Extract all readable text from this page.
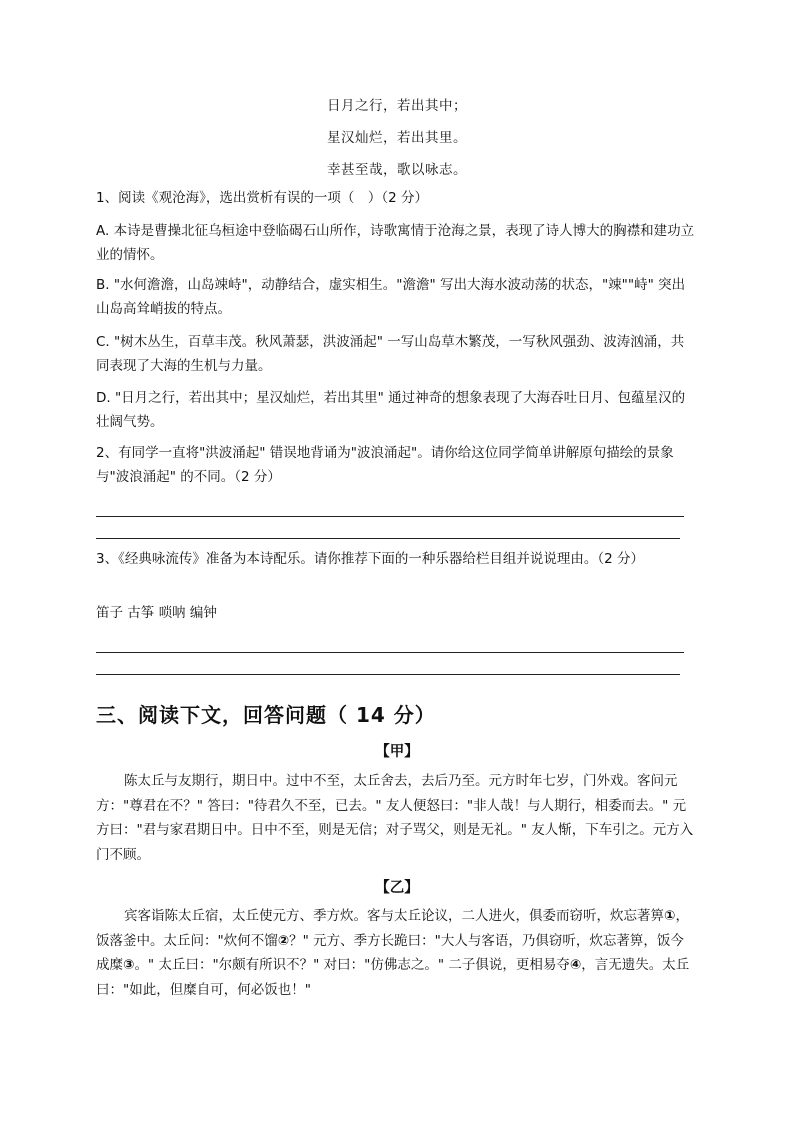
日月之行，若出其中；
星汉灿烂，若出其里。
幸甚至哉，歌以咏志。
1、阅读《观沧海》，选出赏析有误的一项（　）（2 分）
A. 本诗是曹操北征乌桓途中登临碣石山所作，诗歌寓情于沧海之景，表现了诗人博大的胸襟和建功立业的情怀。
B. "水何澹澹，山岛竦峙"，动静结合，虚实相生。"澹澹" 写出大海水波动荡的状态，"竦""峙" 突出山岛高耸峭拔的特点。
C. "树木丛生，百草丰茂。秋风萧瑟，洪波涌起" 一写山岛草木繁茂，一写秋风强劲、波涛汹涌，共同表现了大海的生机与力量。
D. "日月之行，若出其中；星汉灿烂，若出其里" 通过神奇的想象表现了大海吞吐日月、包蕴星汉的壮阔气势。
2、有同学一直将"洪波涌起" 错误地背诵为"波浪涌起"。请你给这位同学简单讲解原句描绘的景象与"波浪涌起" 的不同。（2 分）
3、《经典咏流传》准备为本诗配乐。请你推荐下面的一种乐器给栏目组并说说理由。（2 分）
笛子 古筝 唢呐 编钟
三、阅读下文，回答问题（ 14 分）
【甲】
陈太丘与友期行，期日中。过中不至，太丘舍去，去后乃至。元方时年七岁，门外戏。客问元方："尊君在不？" 答曰："待君久不至，已去。" 友人便怒曰："非人哉！与人期行，相委而去。" 元方曰："君与家君期日中。日中不至，则是无信；对子骂父，则是无礼。" 友人惭，下车引之。元方入门不顾。
【乙】
宾客诣陈太丘宿，太丘使元方、季方炊。客与太丘论议，二人进火，俱委而窃听，炊忘著箅①，饭落釜中。太丘问："炊何不馏②？" 元方、季方长跪曰："大人与客语，乃俱窃听，炊忘著箅，饭今成糜③。" 太丘曰："尔颇有所识不？" 对曰："仿佛志之。" 二子俱说，更相易夺④，言无遗失。太丘曰："如此，但糜自可，何必饭也！"
